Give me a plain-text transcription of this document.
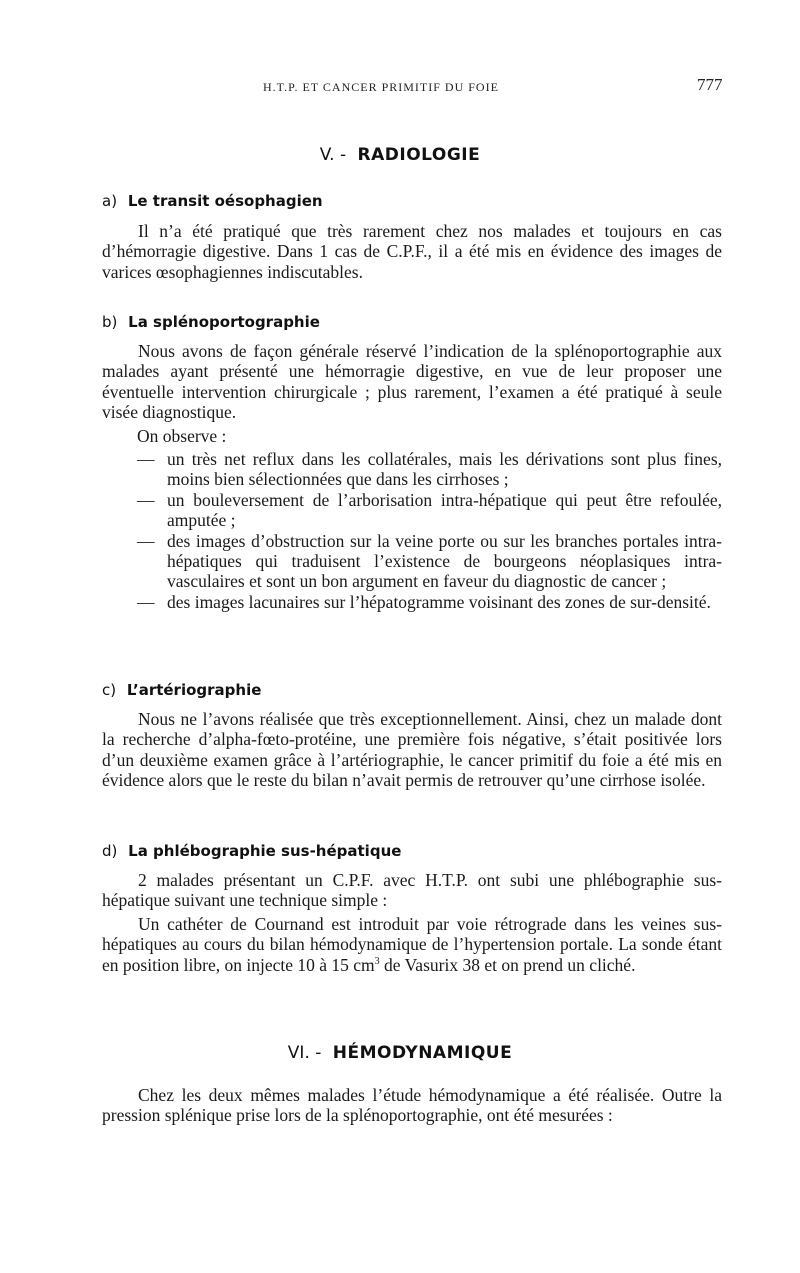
H.T.P. ET CANCER PRIMITIF DU FOIE	777
V. - RADIOLOGIE
a) Le transit oésophagien

Il n’a été pratiqué que très rarement chez nos malades et toujours en cas d’hémorragie digestive. Dans 1 cas de C.P.F., il a été mis en évidence des images de varices œsophagiennes indiscutables.

b) La splénoportographie

Nous avons de façon générale réservé l’indication de la splénoportographie aux malades ayant présenté une hémorragie digestive, en vue de leur proposer une éventuelle intervention chirurgicale ; plus rarement, l’examen a été pratiqué à seule visée diagnostique.

On observe :

— un très net reflux dans les collatérales, mais les dérivations sont plus fines, moins bien sélectionnées que dans les cirrhoses ;
— un bouleversement de l’arborisation intra-hépatique qui peut être refoulée, amputée ;
— des images d’obstruction sur la veine porte ou sur les branches portales intra-hépatiques qui traduisent l’existence de bourgeons néoplasiques intra-vasculaires et sont un bon argument en faveur du diagnostic de cancer ;
— des images lacunaires sur l’hépatogramme voisinant des zones de sur-densité.
c) L’artériographie

Nous ne l’avons réalisée que très exceptionnellement. Ainsi, chez un malade dont la recherche d’alpha-fœto-protéine, une première fois négative, s’était positivée lors d’un deuxième examen grâce à l’artériographie, le cancer primitif du foie a été mis en évidence alors que le reste du bilan n’avait permis de retrouver qu’une cirrhose isolée.

d) La phlébographie sus-hépatique

2 malades présentant un C.P.F. avec H.T.P. ont subi une phlébographie sus-hépatique suivant une technique simple :

Un cathéter de Cournand est introduit par voie rétrograde dans les veines sus-hépatiques au cours du bilan hémodynamique de l’hypertension portale. La sonde étant en position libre, on injecte 10 à 15 $cm^3$ de Vasurix 38 et on prend un cliché.

VI. - HÉMODYNAMIQUE

Chez les deux mêmes malades l’étude hémodynamique a été réalisée. Outre la pression splénique prise lors de la splénoportographie, ont été mesurées :
